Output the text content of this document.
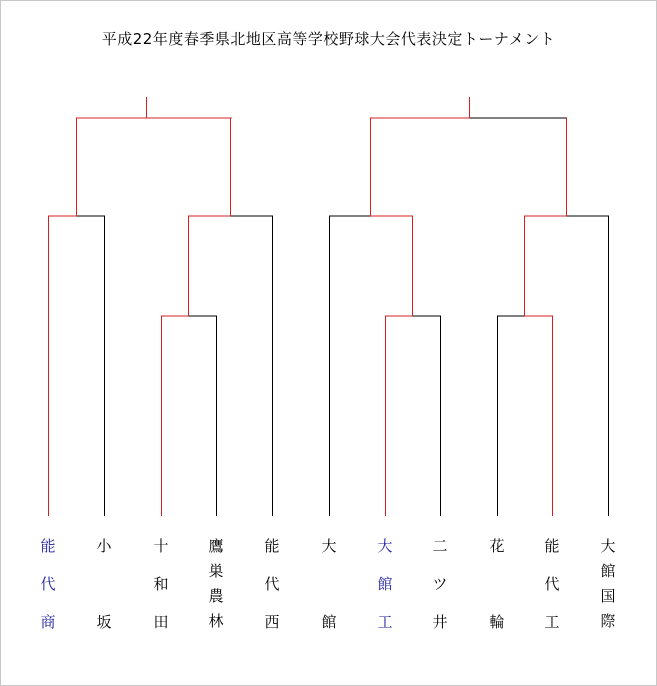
平成22年度春季県北地区高等学校野球大会代表決定トーナメント
能
代
商
小
坂
十
和
田
鷹
巣
農
林
能
代
西
大
館
大
館
工
二
ツ
井
花
輪
能
代
工
大
館
国
際
